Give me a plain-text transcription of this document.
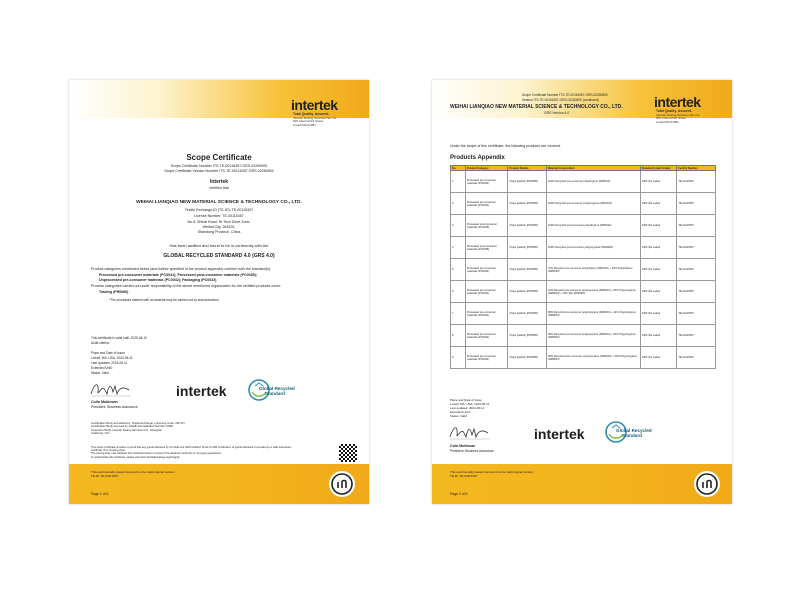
intertek
Total Quality. Assured.
Intertek Testing Services NA, Inc.
900 Chelmsford Street
Lowell MA 01851
Scope Certificate
Scope Certificate Number ITS-TE-00116357-GRS-02260900
Scope Certificate Version Number ITS-TE-00116357-GRS-02260900
Intertek
certifies that
WEIHAI LIANQIAO NEW MATERIAL SCIENCE & TECHNOLOGY CO., LTD.
Textile Exchange-ID (TE-ID): TE-00116357
License Number: TE-00116357
No.8, Shihai Road, Hi-Tech Deve Zone,
Weihai City, 264200,
Shandong Province, China
Has been audited and found to be in conformity with the
GLOBAL RECYCLED STANDARD 4.0 (GRS 4.0)
Product categories mentioned below (and further specified in the product appendix) conform with the standard(s):
Processed pre-consumer materials (PC0041); Processed post-consumer materials (PC0035);
Unprocessed pre-consumer materials (PC0042); Packaging (PC0023)
Process categories carried out under responsibility of the above mentioned organization for the certified products cover:
Trading (PR0080)
*The processes marked with an asterisk may be carried out by subcontractors
This certificate is valid until: 2025-06-10
Audit criteria:
Place and Date of Issue
Lowell, MA, USA, 2024-06-11
Last updated: 2024-06-11
Extended Until:
Status: Valid
Colin Moldovan
President, Business Assurance
intertek	Global Recycled
Standard
Certification Body accredited by: Textile Exchange, Licensing Code: CB-471
Certification Body licensed by: ANAB, Accreditation Number: 0008
Inspection Body: Intertek Testing Services Ltd., Shanghai
Auditor(s): N/A
This scope certificate provides no proof that any goods delivered by its holder are GRS certified. Proof of GRS certification of goods delivered is provided by a valid transaction
certificate (TC) covering them.
The issuing body may withdraw this certificate before it expires if the declared conformity is no longer guaranteed.
To authenticate this certificate, please visit www.TextileExchange.org/Integrity.
This electronically issued document is the valid original version
TE-ID: TE-00116357
Page 1 of 5
Scope Certificate Number ITS-TE-00116357-GRS-02260900
Version ITS-TE-00116357-GRS-02260900 (continued)
WEIHAI LIANQIAO NEW MATERIAL SCIENCE & TECHNOLOGY CO., LTD.
GRS Version 4.0
intertek
Total Quality. Assured.
Intertek Testing Services NA, Inc.
900 Chelmsford Street
Lowell MA 01851
Under the scope of this certificate, the following products are covered.
Products Appendix
No.	Product Category	Product Details	Material Composition	Standard (Label Grade)	Facility Number
1	Processed pre-consumer materials (PC0041)	Chips (pellets) (PD0085)	100% Recycled pre-consumer polyethylene (RM0192)	GRS (No Label)	TE-00116357
2	Processed pre-consumer materials (PC0041)	Chips (pellets) (PD0085)	100% Recycled pre-consumer polypropylene (RM0204)	GRS (No Label)	TE-00116357
3	Processed post-consumer materials (PC0035)	Chips (pellets) (PD0085)	100% Recycled post-consumer polyethylene (RM0192)	GRS (No Label)	TE-00116357
4	Processed post-consumer materials (PC0035)	Chips (pellets) (PD0085)	100% Recycled post-consumer polypropylene (RM0204)	GRS (No Label)	TE-00116357
5	Processed pre-consumer materials (PC0041)	Chips (pellets) (PD0085)	70% Recycled pre-consumer polyethylene (RM0192) + 30% Polyethylene (RM0190)	GRS (No Label)	TE-00116357
6	Processed pre-consumer materials (PC0041)	Chips (pellets) (PD0085)	23% Recycled pre-consumer polypropylene (RM0204) + 60% Polypropylene (RM0203) + 10% Talc (RM0020)	GRS (No Label)	TE-00116357
7	Processed pre-consumer materials (PC0041)	Chips (pellets) (PD0085)	86% Recycled pre-consumer polypropylene (RM0204) + 14% Polypropylene (RM0203)	GRS (No Label)	TE-00116357
8	Processed pre-consumer materials (PC0041)	Chips (pellets) (PD0085)	50% Recycled pre-consumer polypropylene (RM0204) + 50% Polypropylene (RM0203)	GRS (No Label)	TE-00116357
9	Processed pre-consumer materials (PC0041)	Chips (pellets) (PD0085)	50% Recycled post-consumer polypropylene (RM0204) + 50% Polypropylene (RM0203)	GRS (No Label)	TE-00116357
Place and Date of Issue
Lowell, MA, USA, 2024-06-11
Last updated: 2024-06-11
Extended Until:
Status: Valid
Colin Moldovan
President, Business Assurance
intertek	Global Recycled
Standard
This electronically issued document is the valid original version
TE-ID: TE-00116357
Page 2 of 5
